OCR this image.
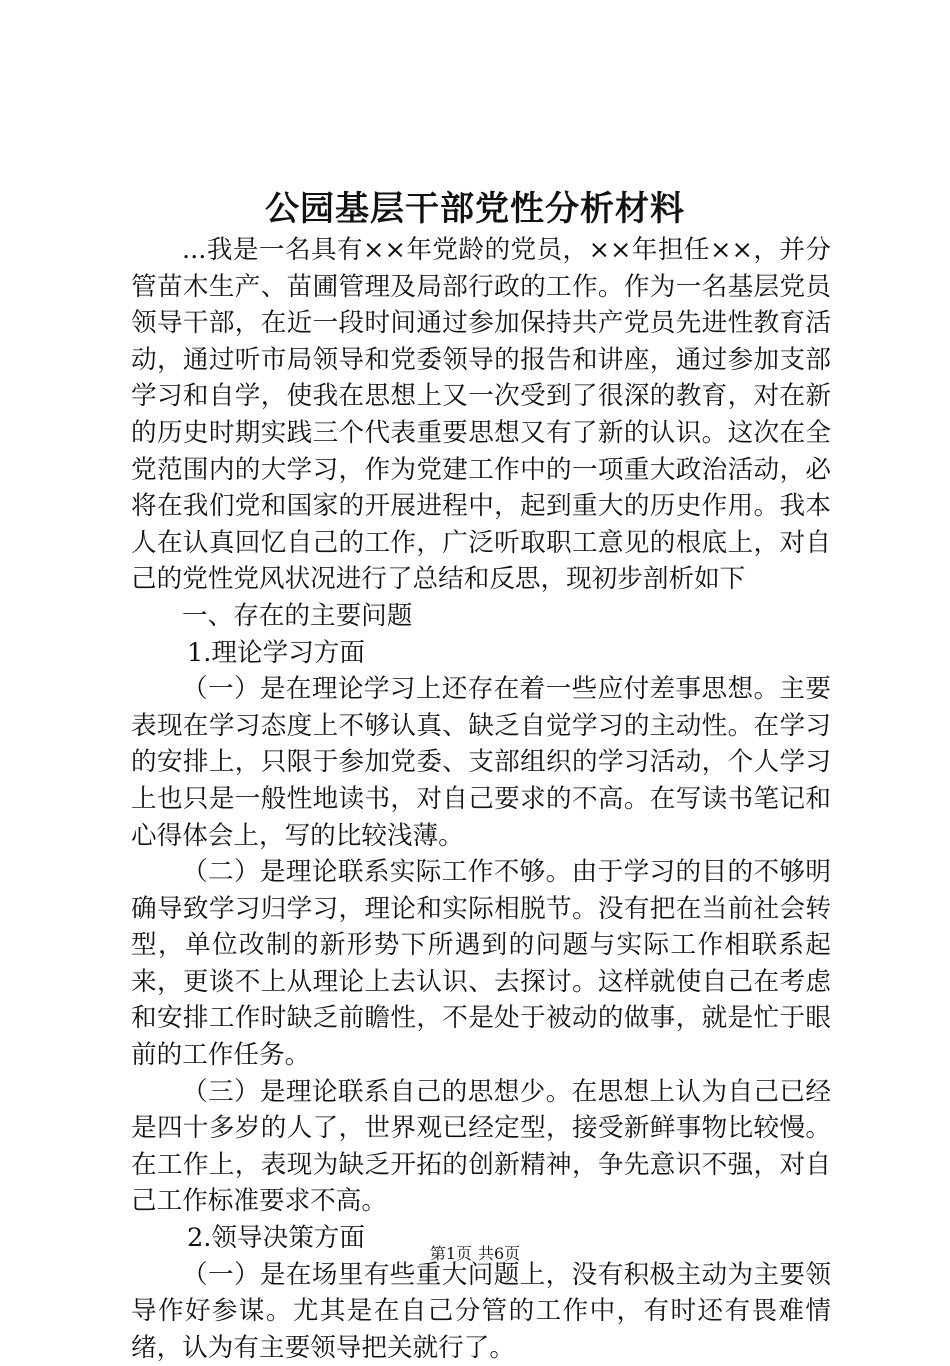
公园基层干部党性分析材料

...我是一名具有××年党龄的党员，××年担任××，并分管苗木生产、苗圃管理及局部行政的工作。作为一名基层党员领导干部，在近一段时间通过参加保持共产党员先进性教育活动，通过听市局领导和党委领导的报告和讲座，通过参加支部学习和自学，使我在思想上又一次受到了很深的教育，对在新的历史时期实践三个代表重要思想又有了新的认识。这次在全党范围内的大学习，作为党建工作中的一项重大政治活动，必将在我们党和国家的开展进程中，起到重大的历史作用。我本人在认真回忆自己的工作，广泛听取职工意见的根底上，对自己的党性党风状况进行了总结和反思，现初步剖析如下

一、存在的主要问题

1.理论学习方面

（一）是在理论学习上还存在着一些应付差事思想。主要表现在学习态度上不够认真、缺乏自觉学习的主动性。在学习的安排上，只限于参加党委、支部组织的学习活动，个人学习上也只是一般性地读书，对自己要求的不高。在写读书笔记和心得体会上，写的比较浅薄。

（二）是理论联系实际工作不够。由于学习的目的不够明确导致学习归学习，理论和实际相脱节。没有把在当前社会转型，单位改制的新形势下所遇到的问题与实际工作相联系起来，更谈不上从理论上去认识、去探讨。这样就使自己在考虑和安排工作时缺乏前瞻性，不是处于被动的做事，就是忙于眼前的工作任务。

（三）是理论联系自己的思想少。在思想上认为自己已经是四十多岁的人了，世界观已经定型，接受新鲜事物比较慢。在工作上，表现为缺乏开拓的创新精神，争先意识不强，对自己工作标准要求不高。

2.领导决策方面

（一）是在场里有些重大问题上，没有积极主动为主要领导作好参谋。尤其是在自己分管的工作中，有时还有畏难情绪，认为有主要领导把关就行了。

第1页 共6页
